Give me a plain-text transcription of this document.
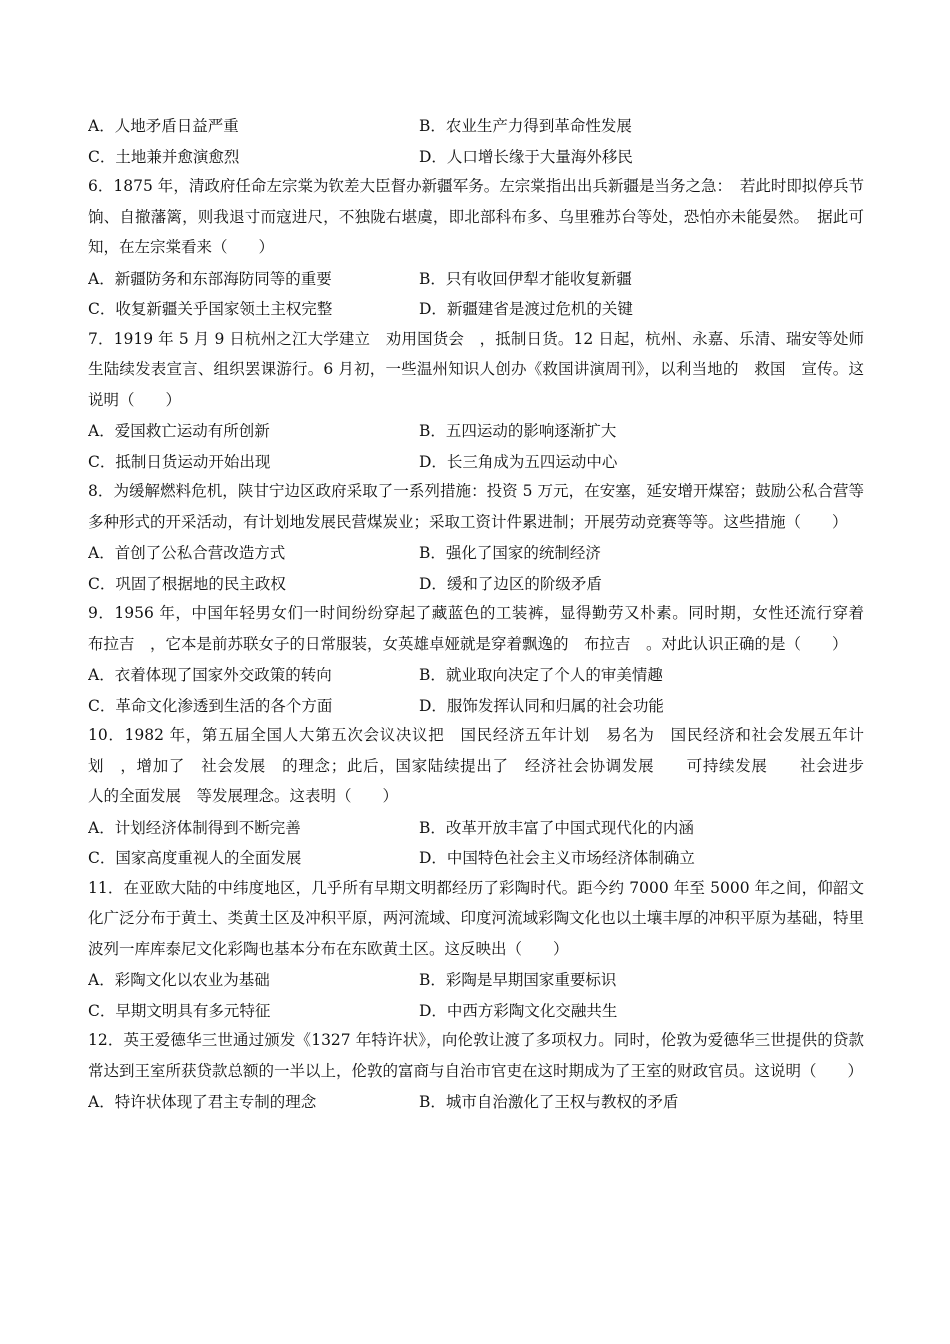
A．人地矛盾日益严重	B．农业生产力得到革命性发展
C．土地兼并愈演愈烈	D．人口增长缘于大量海外移民
6．1875 年，清政府任命左宗棠为钦差大臣督办新疆军务。左宗棠指出出兵新疆是当务之急：　若此时即拟停兵节饷、自撤藩篱，则我退寸而寇进尺，不独陇右堪虞，即北部科布多、乌里雅苏台等处，恐怕亦未能晏然。　据此可知，在左宗棠看来（　　）
A．新疆防务和东部海防同等的重要	B．只有收回伊犁才能收复新疆
C．收复新疆关乎国家领土主权完整	D．新疆建省是渡过危机的关键
7．1919 年 5 月 9 日杭州之江大学建立　劝用国货会　，抵制日货。12 日起，杭州、永嘉、乐清、瑞安等处师生陆续发表宣言、组织罢课游行。6 月初，一些温州知识人创办《救国讲演周刊》，以利当地的　救国　宣传。这说明（　　）
A．爱国救亡运动有所创新	B．五四运动的影响逐渐扩大
C．抵制日货运动开始出现	D．长三角成为五四运动中心
8．为缓解燃料危机，陕甘宁边区政府采取了一系列措施：投资 5 万元，在安塞，延安增开煤窑；鼓励公私合营等多种形式的开采活动，有计划地发展民营煤炭业；采取工资计件累进制；开展劳动竞赛等等。这些措施（　　）
A．首创了公私合营改造方式	B．强化了国家的统制经济
C．巩固了根据地的民主政权	D．缓和了边区的阶级矛盾
9．1956 年，中国年轻男女们一时间纷纷穿起了藏蓝色的工装裤，显得勤劳又朴素。同时期，女性还流行穿着　布拉吉　，它本是前苏联女子的日常服装，女英雄卓娅就是穿着飘逸的　布拉吉　。对此认识正确的是（　　）
A．衣着体现了国家外交政策的转向	B．就业取向决定了个人的审美情趣
C．革命文化渗透到生活的各个方面	D．服饰发挥认同和归属的社会功能
10．1982 年，第五届全国人大第五次会议决议把　国民经济五年计划　易名为　国民经济和社会发展五年计划　，增加了　社会发展　的理念；此后，国家陆续提出了　经济社会协调发展　　可持续发展　　社会进步　　人的全面发展　等发展理念。这表明（　　）
A．计划经济体制得到不断完善	B．改革开放丰富了中国式现代化的内涵
C．国家高度重视人的全面发展	D．中国特色社会主义市场经济体制确立
11．在亚欧大陆的中纬度地区，几乎所有早期文明都经历了彩陶时代。距今约 7000 年至 5000 年之间，仰韶文化广泛分布于黄土、类黄土区及冲积平原，两河流域、印度河流域彩陶文化也以土壤丰厚的冲积平原为基础，特里波列一库库泰尼文化彩陶也基本分布在东欧黄土区。这反映出（　　）
A．彩陶文化以农业为基础	B．彩陶是早期国家重要标识
C．早期文明具有多元特征	D．中西方彩陶文化交融共生
12．英王爱德华三世通过颁发《1327 年特许状》，向伦敦让渡了多项权力。同时，伦敦为爱德华三世提供的贷款常达到王室所获贷款总额的一半以上，伦敦的富商与自治市官吏在这时期成为了王室的财政官员。这说明（　　）
A．特许状体现了君主专制的理念	B．城市自治激化了王权与教权的矛盾
